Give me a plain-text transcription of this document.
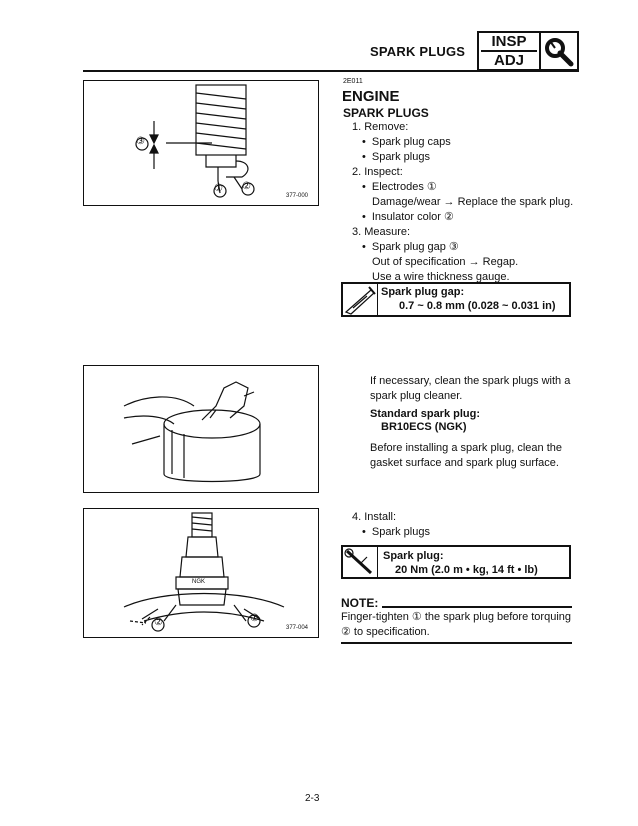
SPARK PLUGS
INSP
ADJ
③
① ②
377-000
2E011
ENGINE
SPARK PLUGS
1. Remove:
• Spark plug caps
• Spark plugs
2. Inspect:
• Electrodes ①
Damage/wear → Replace the spark plug.
• Insulator color ②
3. Measure:
• Spark plug gap ③
Out of specification → Regap.
Use a wire thickness gauge.
Spark plug gap:
0.7 ~ 0.8 mm (0.028 ~ 0.031 in)
If necessary, clean the spark plugs with a spark plug cleaner.
Standard spark plug:
BR10ECS (NGK)
Before installing a spark plug, clean the gasket surface and spark plug surface.
NGK
①
②	377-004
4. Install:
• Spark plugs
Spark plug:
20 Nm (2.0 m • kg, 14 ft • lb)
NOTE:
Finger-tighten ① the spark plug before torquing ② to specification.
2-3
